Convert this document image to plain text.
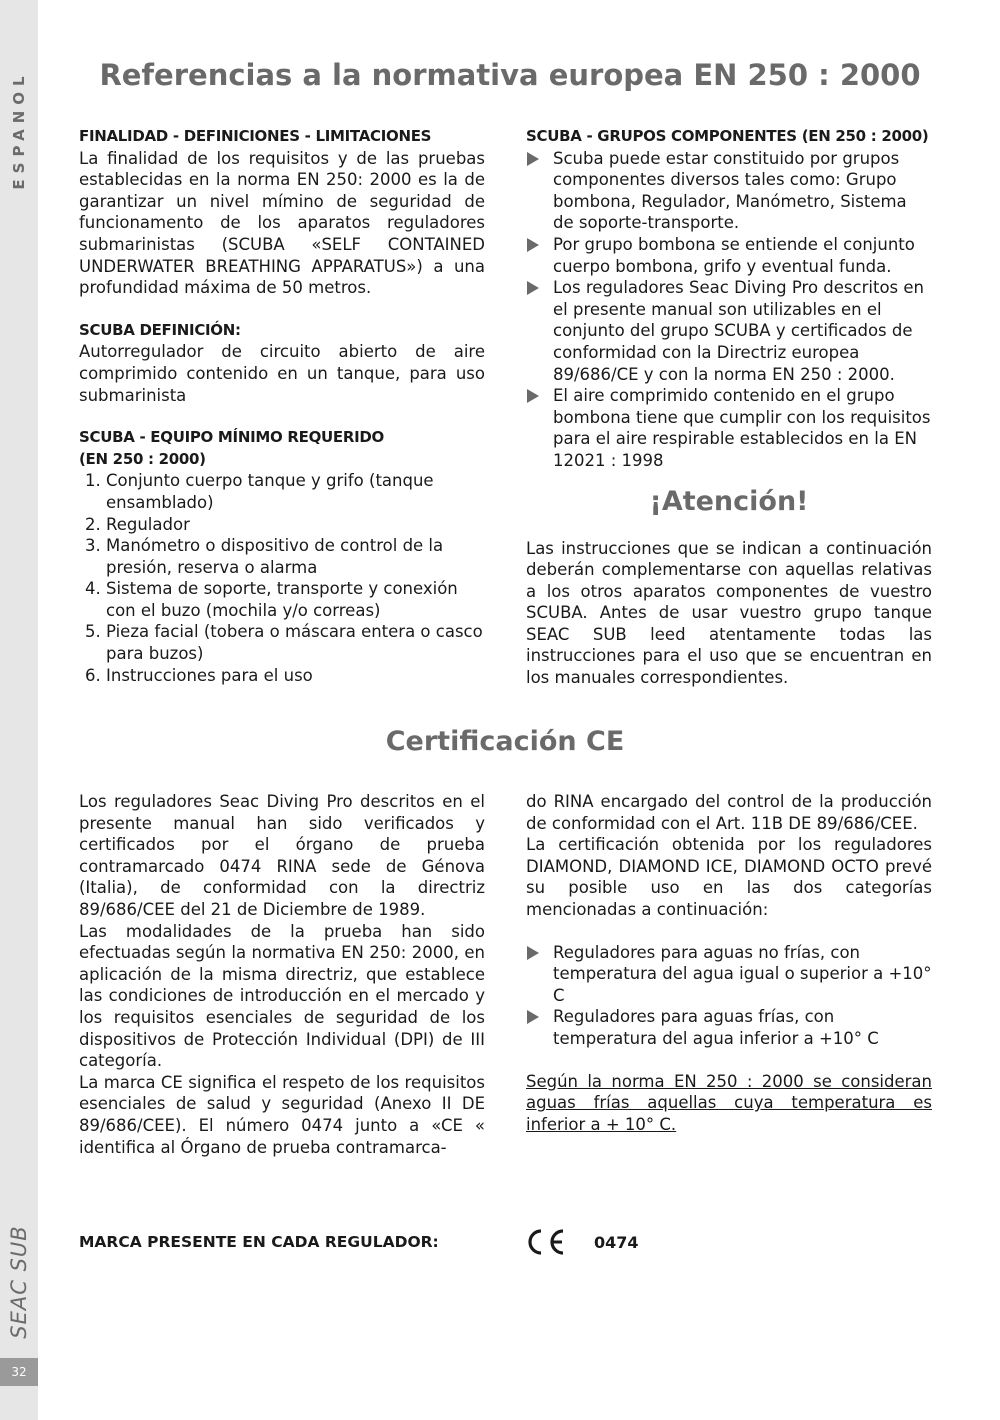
ESPANOL
SEAC SUB
32
Referencias a la normativa europea EN 250 : 2000

FINALIDAD - DEFINICIONES - LIMITACIONES

La finalidad de los requisitos y de las pruebas establecidas en la norma EN 250: 2000 es la de garantizar un nivel mímino de seguridad de funcionamento de los aparatos reguladores submarinistas (SCUBA «SELF CONTAINED UNDERWATER BREATHING APPARATUS») a una profundidad máxima de 50 metros.

SCUBA DEFINICIÓN:

Autorregulador de circuito abierto de aire comprimido contenido en un tanque, para uso submarinista

SCUBA - EQUIPO MÍNIMO REQUERIDO

(EN 250 : 2000)

1. Conjunto cuerpo tanque y grifo (tanque ensamblado)
2. Regulador
3. Manómetro o dispositivo de control de la presión, reserva o alarma
4. Sistema de soporte, transporte y conexión con el buzo (mochila y/o correas)
5. Pieza facial (tobera o máscara entera o casco para buzos)
6. Instrucciones para el uso

SCUBA - GRUPOS COMPONENTES (EN 250 : 2000)

Scuba puede estar constituido por grupos componentes diversos tales como: Grupo bombona, Regulador, Manómetro, Sistema de soporte-transporte.
Por grupo bombona se entiende el conjunto cuerpo bombona, grifo y eventual funda.
Los reguladores Seac Diving Pro descritos en el presente manual son utilizables en el conjunto del grupo SCUBA y certificados de conformidad con la Directriz europea 89/686/CE y con la norma EN 250 : 2000.
El aire comprimido contenido en el grupo bombona tiene que cumplir con los requisitos para el aire respirable establecidos en la EN 12021 : 1998
¡Atención!

Las instrucciones que se indican a continuación deberán complementarse con aquellas relativas a los otros aparatos componentes de vuestro SCUBA. Antes de usar vuestro grupo tanque SEAC SUB leed atentamente todas las instrucciones para el uso que se encuentran en los manuales correspondientes.

Certificación CE

Los reguladores Seac Diving Pro descritos en el presente manual han sido verificados y certificados por el órgano de prueba contramarcado 0474 RINA sede de Génova (Italia), de conformidad con la directriz 89/686/CEE del 21 de Diciembre de 1989.

Las modalidades de la prueba han sido efectuadas según la normativa EN 250: 2000, en aplicación de la misma directriz, que establece las condiciones de introducción en el mercado y los requisitos esenciales de seguridad de los dispositivos de Protección Individual (DPI) de III categoría.

La marca CE significa el respeto de los requisitos esenciales de salud y seguridad (Anexo II DE 89/686/CEE). El número 0474 junto a «CE « identifica al Órgano de prueba contramarca-

do RINA encargado del control de la producción de conformidad con el Art. 11B DE 89/686/CEE.

La certificación obtenida por los reguladores DIAMOND, DIAMOND ICE, DIAMOND OCTO prevé su posible uso en las dos categorías mencionadas a continuación:

Reguladores para aguas no frías, con temperatura del agua igual o superior a +10° C
Reguladores para aguas frías, con temperatura del agua inferior a +10° C

Según la norma EN 250 : 2000 se consideran aguas frías aquellas cuya temperatura es inferior a + 10° C.

MARCA PRESENTE EN CADA REGULADOR:	0474
